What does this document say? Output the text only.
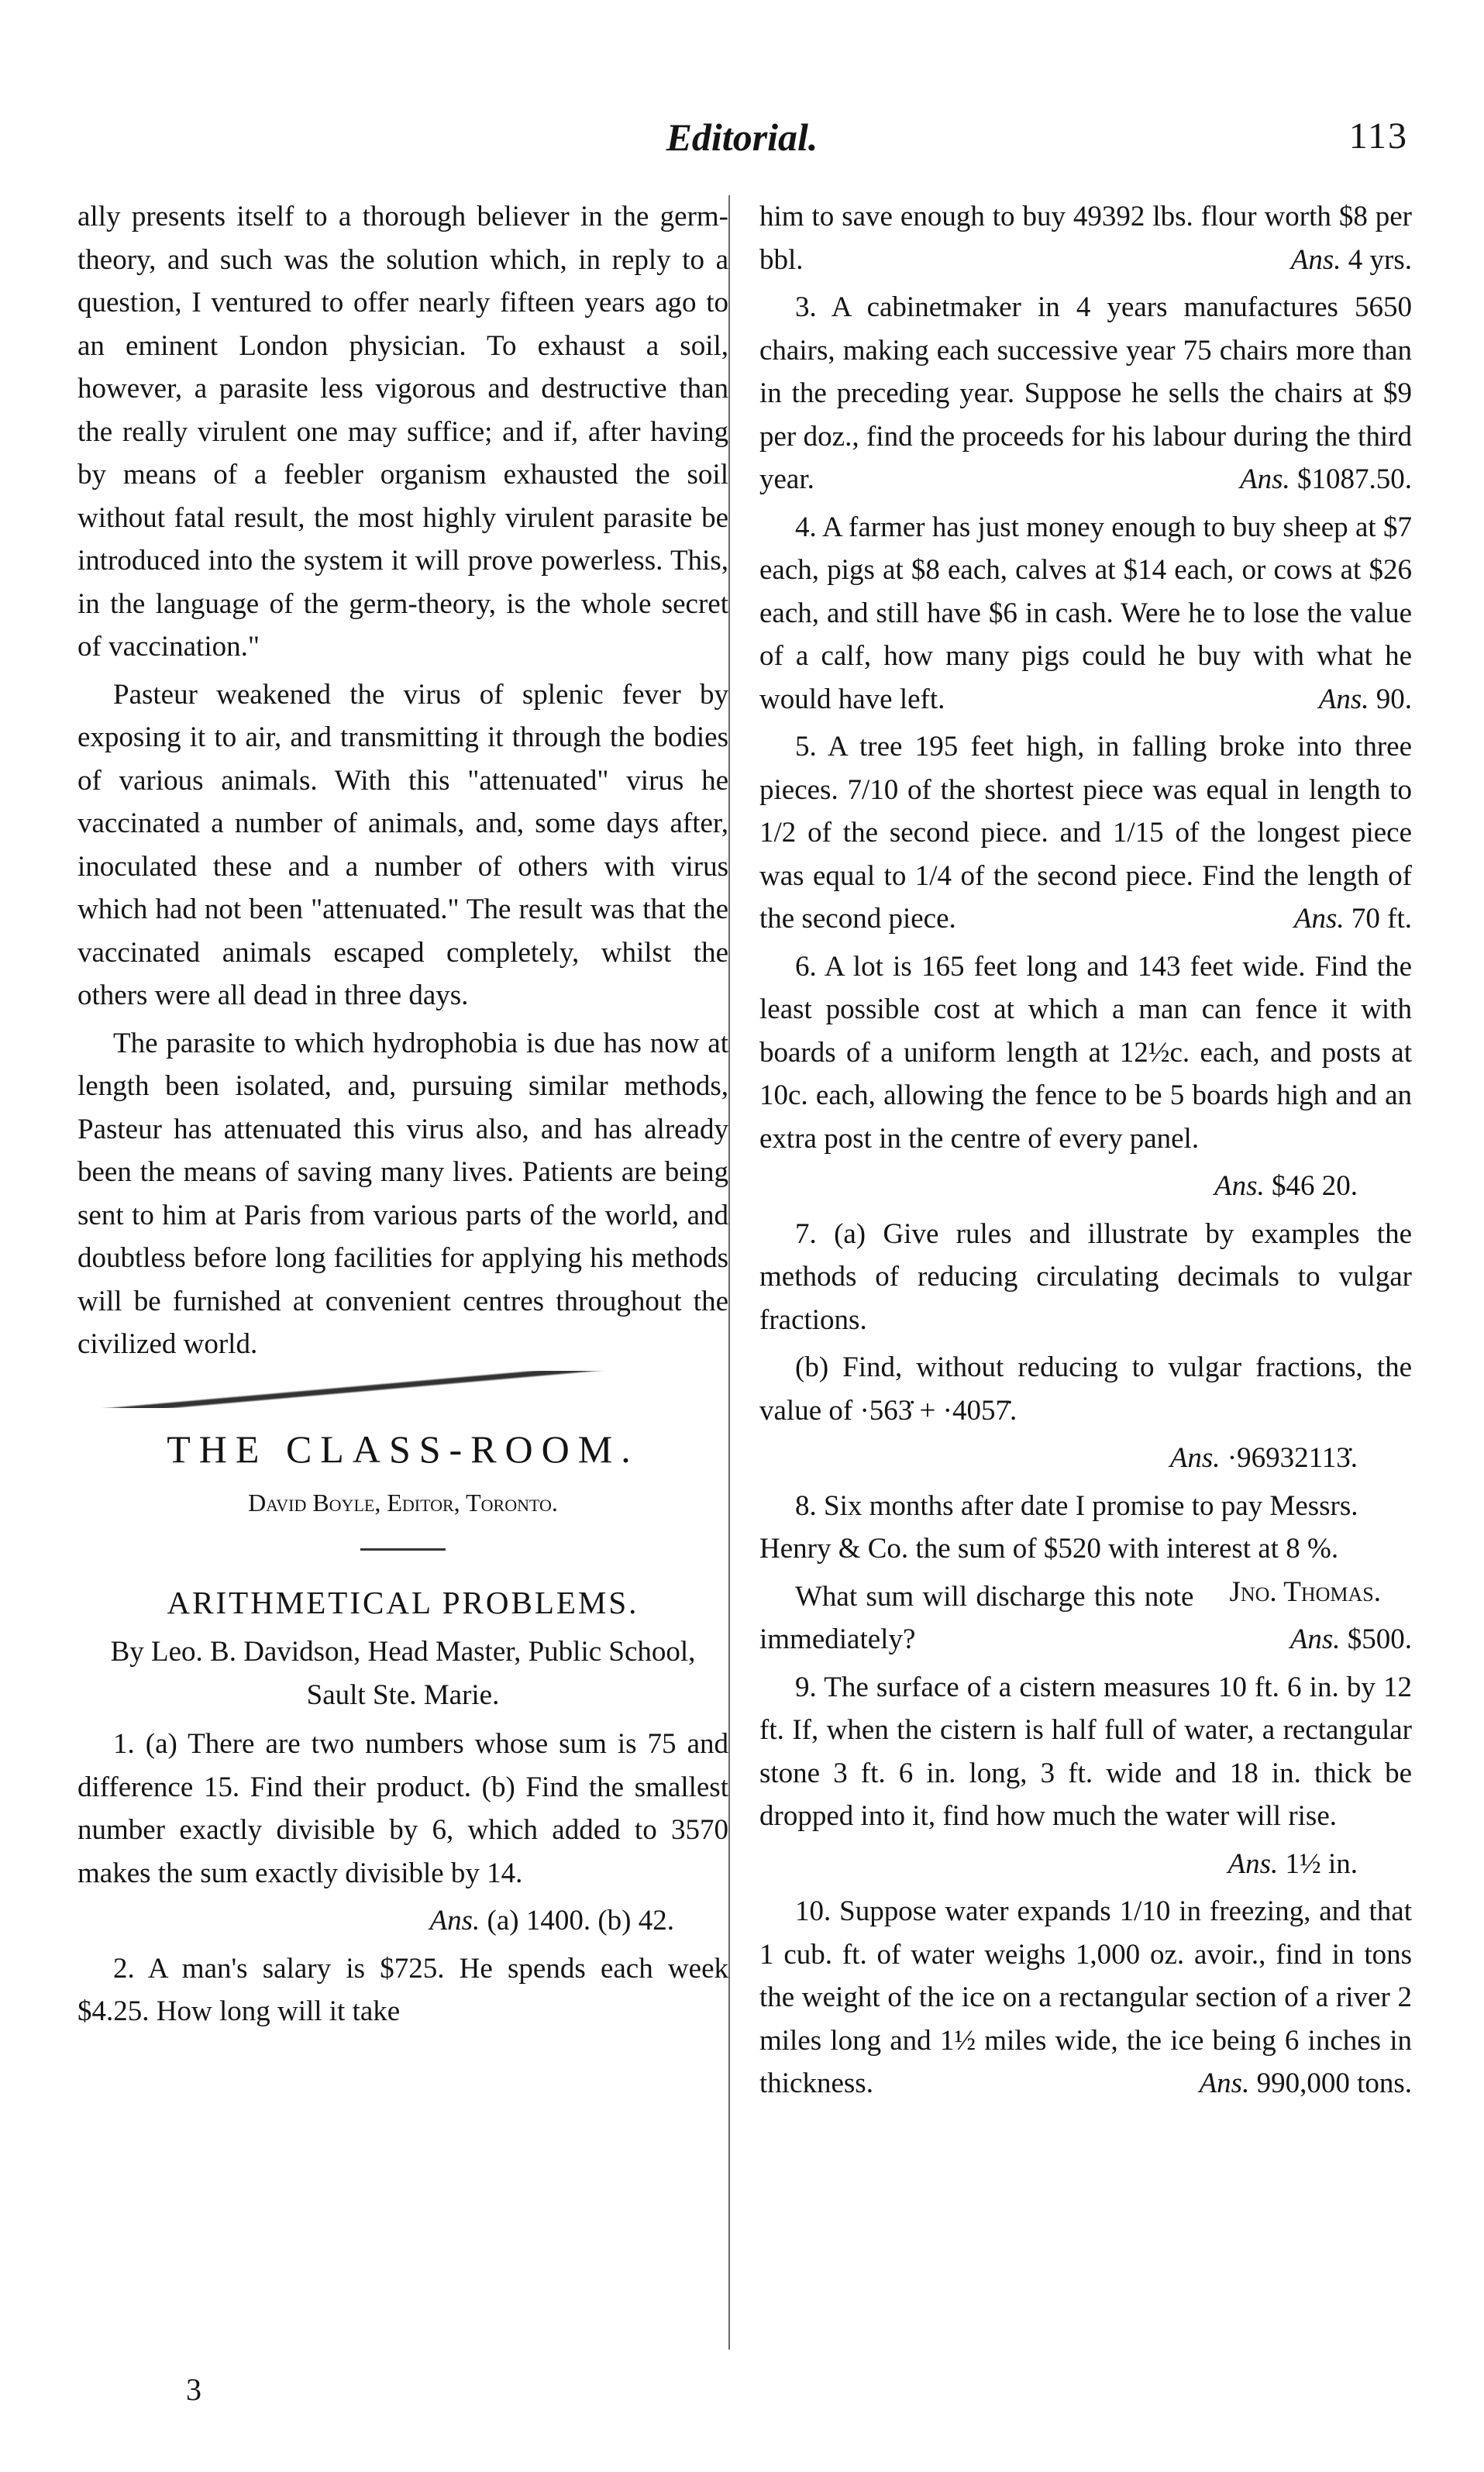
Editorial.	113

ally presents itself to a thorough believer in the germ-theory, and such was the solution which, in reply to a question, I ventured to offer nearly fifteen years ago to an eminent London physician. To exhaust a soil, however, a parasite less vigorous and destructive than the really virulent one may suffice; and if, after having by means of a feebler organism exhausted the soil without fatal result, the most highly virulent parasite be introduced into the system it will prove powerless. This, in the language of the germ-theory, is the whole secret of vaccination."

Pasteur weakened the virus of splenic fever by exposing it to air, and transmitting it through the bodies of various animals. With this "attenuated" virus he vaccinated a number of animals, and, some days after, inoculated these and a number of others with virus which had not been "attenuated." The result was that the vaccinated animals escaped completely, whilst the others were all dead in three days.

The parasite to which hydrophobia is due has now at length been isolated, and, pursuing similar methods, Pasteur has attenuated this virus also, and has already been the means of saving many lives. Patients are being sent to him at Paris from various parts of the world, and doubtless before long facilities for applying his methods will be furnished at convenient centres throughout the civilized world.

THE CLASS-ROOM.
David Boyle, Editor, Toronto.
ARITHMETICAL PROBLEMS.
By Leo. B. Davidson, Head Master, Public School, Sault Ste. Marie.

1. (a) There are two numbers whose sum is 75 and difference 15. Find their product. (b) Find the smallest number exactly divisible by 6, which added to 3570 makes the sum exactly divisible by 14.

Ans. (a) 1400. (b) 42.

2. A man's salary is $725. He spends each week $4.25. How long will it take

3

him to save enough to buy 49392 lbs. flour worth $8 per bbl.	Ans. 4 yrs.

3. A cabinetmaker in 4 years manufactures 5650 chairs, making each successive year 75 chairs more than in the preceding year. Suppose he sells the chairs at $9 per doz., find the proceeds for his labour during the third year.	Ans. $1087.50.

4. A farmer has just money enough to buy sheep at $7 each, pigs at $8 each, calves at $14 each, or cows at $26 each, and still have $6 in cash. Were he to lose the value of a calf, how many pigs could he buy with what he would have left.	Ans. 90.

5. A tree 195 feet high, in falling broke into three pieces. 7/10 of the shortest piece was equal in length to 1/2 of the second piece. and 1/15 of the longest piece was equal to 1/4 of the second piece. Find the length of the second piece.	Ans. 70 ft.

6. A lot is 165 feet long and 143 feet wide. Find the least possible cost at which a man can fence it with boards of a uniform length at 12½c. each, and posts at 10c. each, allowing the fence to be 5 boards high and an extra post in the centre of every panel.

Ans. $46 20.

7. (a) Give rules and illustrate by examples the methods of reducing circulating decimals to vulgar fractions.

(b) Find, without reducing to vulgar fractions, the value of ·563̇ + ·4057̇.

Ans. ·96932113̇.

8. Six months after date I promise to pay Messrs. Henry & Co. the sum of $520 with interest at 8 %.
Jno. Thomas.

What sum will discharge this note immediately?	Ans. $500.

9. The surface of a cistern measures 10 ft. 6 in. by 12 ft. If, when the cistern is half full of water, a rectangular stone 3 ft. 6 in. long, 3 ft. wide and 18 in. thick be dropped into it, find how much the water will rise.

Ans. 1½ in.

10. Suppose water expands 1/10 in freezing, and that 1 cub. ft. of water weighs 1,000 oz. avoir., find in tons the weight of the ice on a rectangular section of a river 2 miles long and 1½ miles wide, the ice being 6 inches in thickness.	Ans. 990,000 tons.
